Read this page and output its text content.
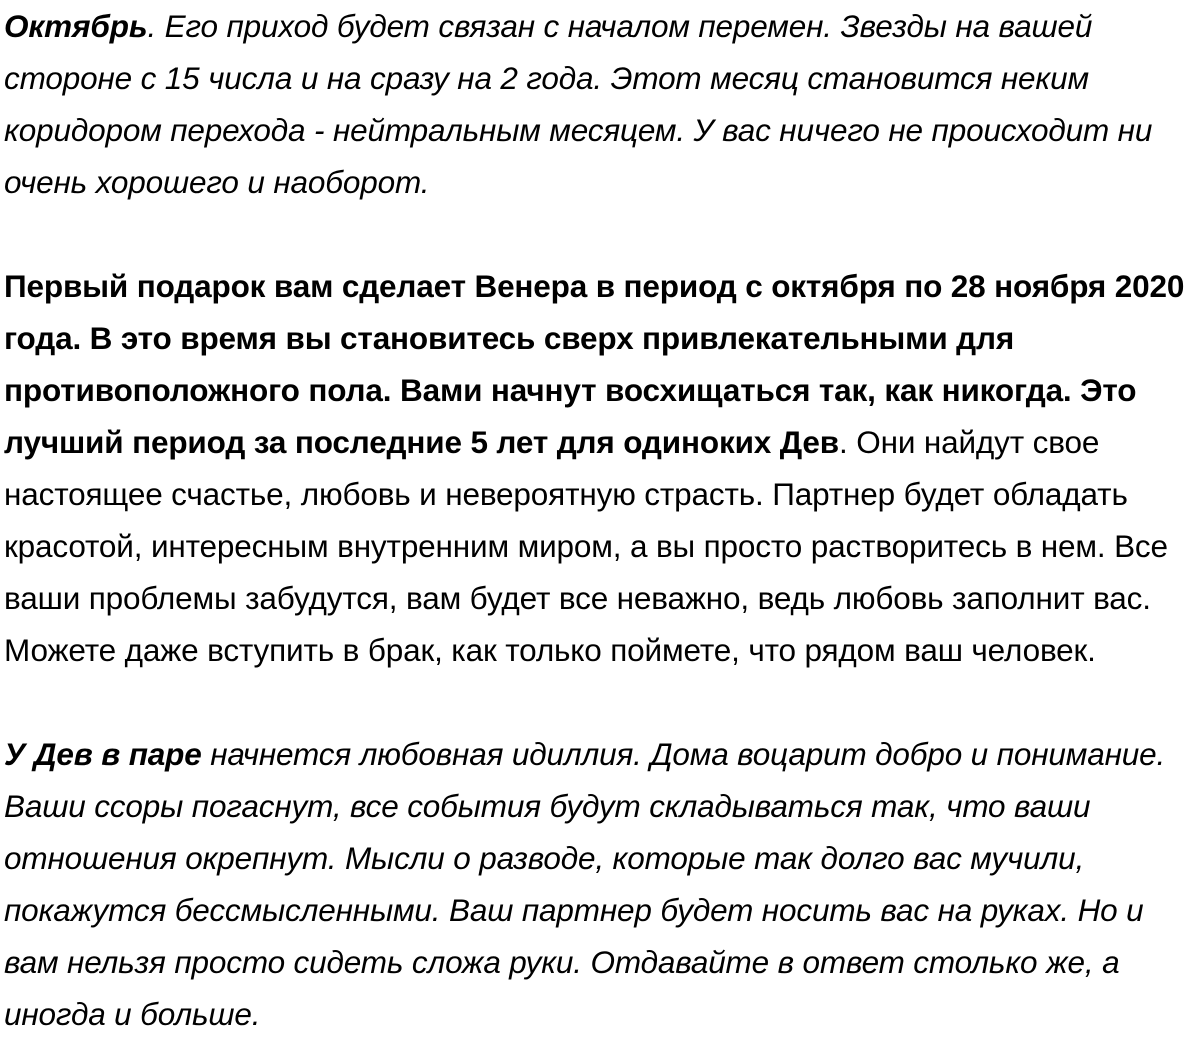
Октябрь. Его приход будет связан с началом перемен. Звезды на вашей стороне с 15 числа и на сразу на 2 года. Этот месяц становится неким коридором перехода - нейтральным месяцем. У вас ничего не происходит ни очень хорошего и наоборот.

Первый подарок вам сделает Венера в период с октября по 28 ноября 2020 года. В это время вы становитесь сверх привлекательными для противоположного пола. Вами начнут восхищаться так, как никогда. Это лучший период за последние 5 лет для одиноких Дев. Они найдут свое настоящее счастье, любовь и невероятную страсть. Партнер будет обладать красотой, интересным внутренним миром, а вы просто растворитесь в нем. Все ваши проблемы забудутся, вам будет все неважно, ведь любовь заполнит вас. Можете даже вступить в брак, как только поймете, что рядом ваш человек.

У Дев в паре начнется любовная идиллия. Дома воцарит добро и понимание. Ваши ссоры погаснут, все события будут складываться так, что ваши отношения окрепнут. Мысли о разводе, которые так долго вас мучили, покажутся бессмысленными. Ваш партнер будет носить вас на руках. Но и вам нельзя просто сидеть сложа руки. Отдавайте в ответ столько же, а иногда и больше.
